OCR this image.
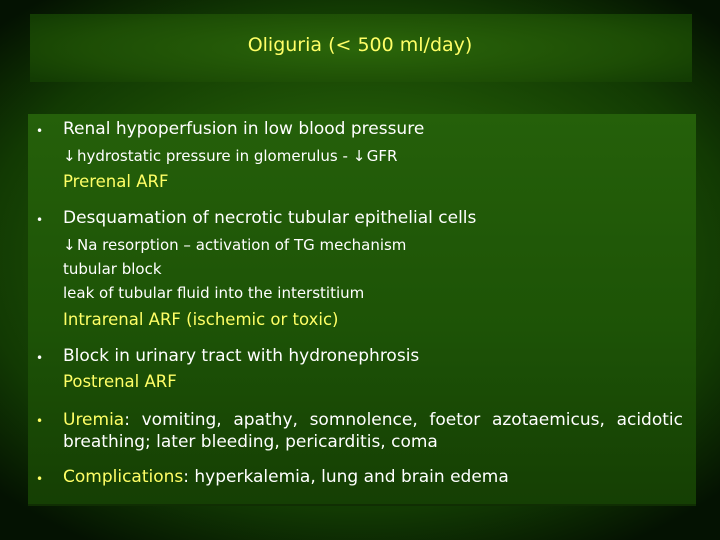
Oliguria (< 500 ml/day)
• Renal hypoperfusion in low blood pressure
↓hydrostatic pressure in glomerulus - ↓GFR
Prerenal ARF
• Desquamation of necrotic tubular epithelial cells
↓Na resorption – activation of TG mechanism
tubular block
leak of tubular fluid into the interstitium
Intrarenal ARF (ischemic or toxic)
• Block in urinary tract with hydronephrosis
Postrenal ARF
• Uremia: vomiting, apathy, somnolence, foetor azotaemicus, acidotic breathing; later bleeding, pericarditis, coma
• Complications: hyperkalemia, lung and brain edema
